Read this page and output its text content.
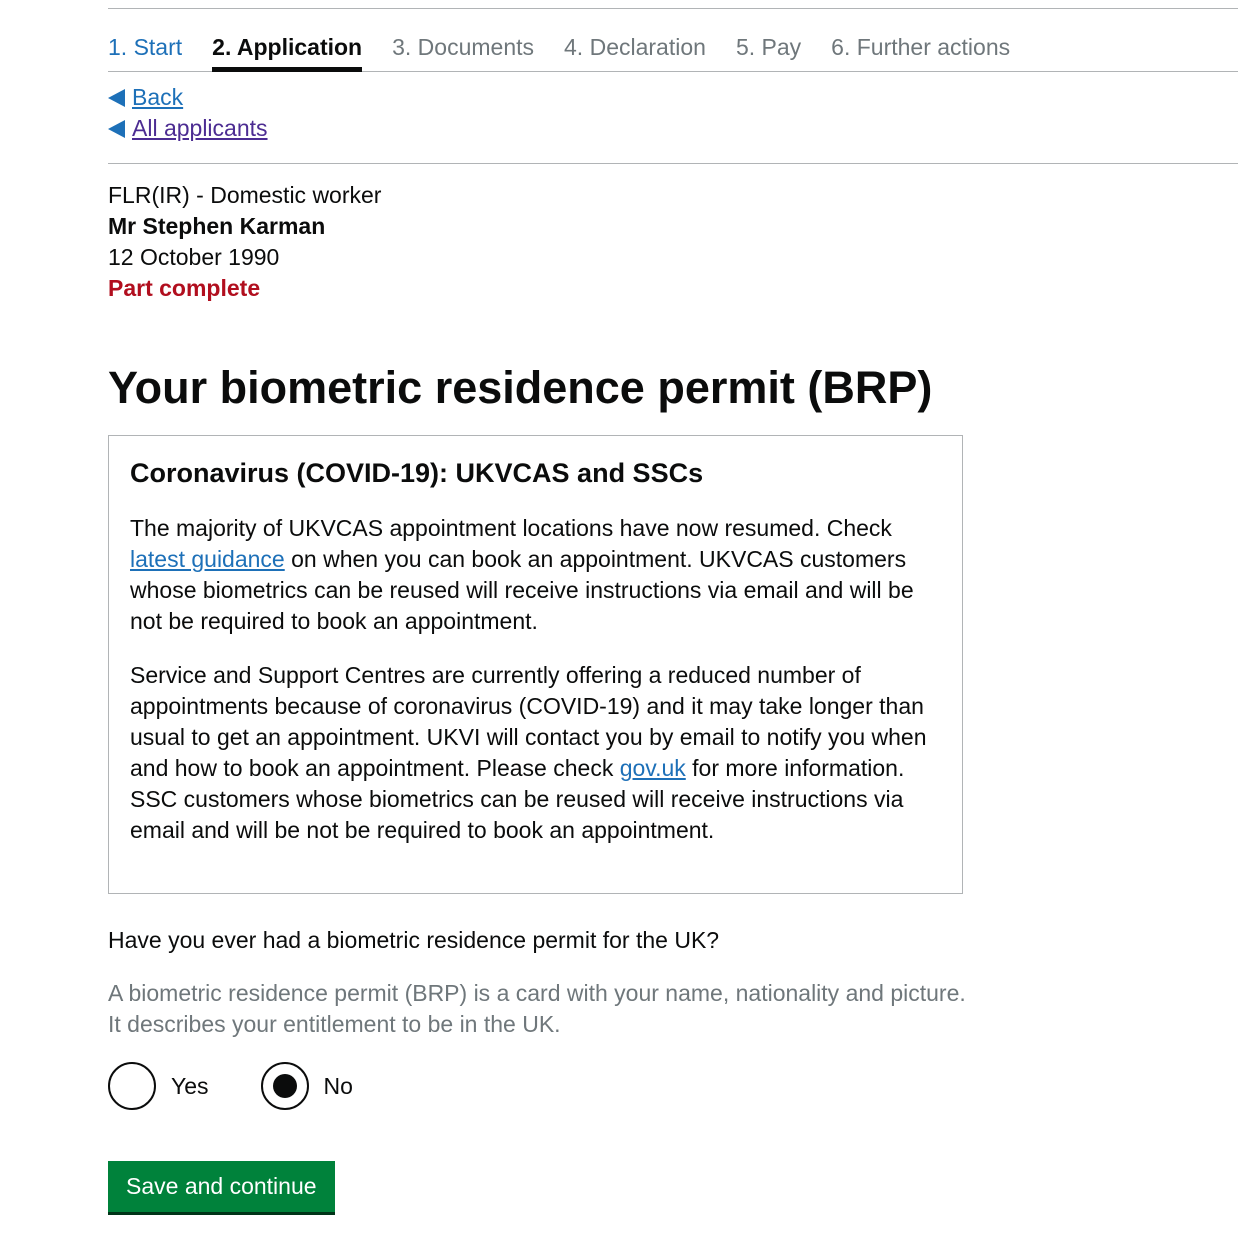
1. Start 2. Application 3. Documents 4. Declaration 5. Pay 6. Further actions
Back
All applicants
FLR(IR) - Domestic worker
Mr Stephen Karman
12 October 1990
Part complete
Your biometric residence permit (BRP)
Coronavirus (COVID-19): UKVCAS and SSCs

The majority of UKVCAS appointment locations have now resumed. Check latest guidance on when you can book an appointment. UKVCAS customers whose biometrics can be reused will receive instructions via email and will be not be required to book an appointment.

Service and Support Centres are currently offering a reduced number of appointments because of coronavirus (COVID-19) and it may take longer than usual to get an appointment. UKVI will contact you by email to notify you when and how to book an appointment. Please check gov.uk for more information. SSC customers whose biometrics can be reused will receive instructions via email and will be not be required to book an appointment.

Have you ever had a biometric residence permit for the UK?
A biometric residence permit (BRP) is a card with your name, nationality and picture. It describes your entitlement to be in the UK.
Yes	No
Save and continue
